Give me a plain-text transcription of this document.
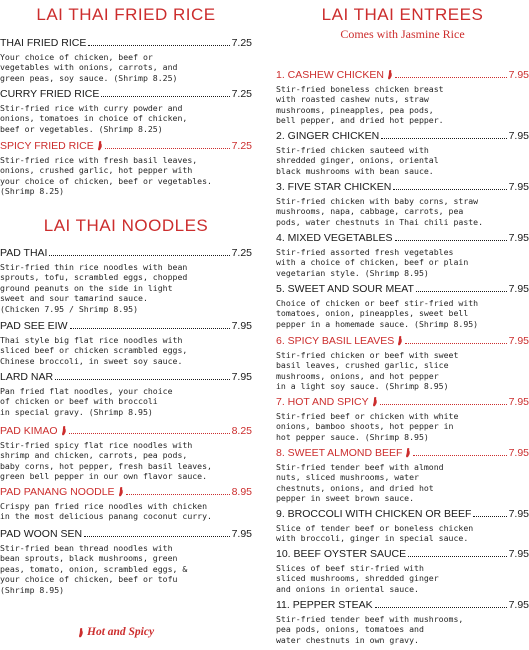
LAI THAI FRIED RICE
THAI FRIED RICE	7.25
Your choice of chicken, beef or
vegetables with onions, carrots, and
green peas, soy sauce. (Shrimp 8.25)
CURRY FRIED RICE	7.25
Stir-fried rice with curry powder and
onions, tomatoes in choice of chicken,
beef or vegetables. (Shrimp 8.25)
SPICY FRIED RICE	7.25
Stir-fried rice with fresh basil leaves,
onions, crushed garlic, hot pepper with
your choice of chicken, beef or vegetables.
(Shrimp 8.25)
LAI THAI NOODLES
PAD THAI	7.25
Stir-fried thin rice noodles with bean
sprouts, tofu, scrambled eggs, chopped
ground peanuts on the side in light
sweet and sour tamarind sauce.
(Chicken 7.95 / Shrimp 8.95)
PAD SEE EIW	7.95
Thai style big flat rice noodles with
sliced beef or chicken scrambled eggs,
Chinese broccoli, in sweet soy sauce.
LARD NAR	7.95
Pan fried flat noodles, your choice
of chicken or beef with broccoli
in special gravy. (Shrimp 8.95)
PAD KIMAO	8.25
Stir-fried spicy flat rice noodles with
shrimp and chicken, carrots, pea pods,
baby corns, hot pepper, fresh basil leaves,
green bell pepper in our own flavor sauce.
PAD PANANG NOODLE	8.95
Crispy pan fried rice noodles with chicken
in the most delicious panang coconut curry.
PAD WOON SEN	7.95
Stir-fried bean thread noodles with
bean sprouts, black mushrooms, green
peas, tomato, onion, scrambled eggs, &
your choice of chicken, beef or tofu
(Shrimp 8.95)
Hot and Spicy
LAI THAI ENTREES
Comes with Jasmine Rice
1. CASHEW CHICKEN	7.95
Stir-fried boneless chicken breast
with roasted cashew nuts, straw
mushrooms, pineapples, pea pods,
bell pepper, and dried hot pepper.
2. GINGER CHICKEN	7.95
Stir-fried chicken sauteed with
shredded ginger, onions, oriental
black mushrooms with bean sauce.
3. FIVE STAR CHICKEN	7.95
Stir-fried chicken with baby corns, straw
mushrooms, napa, cabbage, carrots, pea
pods, water chestnuts in Thai chili paste.
4. MIXED VEGETABLES	7.95
Stir-fried assorted fresh vegetables
with a choice of chicken, beef or plain
vegetarian style. (Shrimp 8.95)
5. SWEET AND SOUR MEAT	7.95
Choice of chicken or beef stir-fried with
tomatoes, onion, pineapples, sweet bell
pepper in a homemade sauce. (Shrimp 8.95)
6. SPICY BASIL LEAVES	7.95
Stir-fried chicken or beef with sweet
basil leaves, crushed garlic, slice
mushrooms, onions, and hot pepper
in a light soy sauce. (Shrimp 8.95)
7. HOT AND SPICY	7.95
Stir-fried beef or chicken with white
onions, bamboo shoots, hot pepper in
hot pepper sauce. (Shrimp 8.95)
8. SWEET ALMOND BEEF	7.95
Stir-fried tender beef with almond
nuts, sliced mushrooms, water
chestnuts, onions, and dried hot
pepper in sweet brown sauce.
9. BROCCOLI WITH CHICKEN OR BEEF	7.95
Slice of tender beef or boneless chicken
with broccoli, ginger in special sauce.
10. BEEF OYSTER SAUCE	7.95
Slices of beef stir-fried with
sliced mushrooms, shredded ginger
and onions in oriental sauce.
11. PEPPER STEAK	7.95
Stir-fried tender beef with mushrooms,
pea pods, onions, tomatoes and
water chestnuts in own gravy.
